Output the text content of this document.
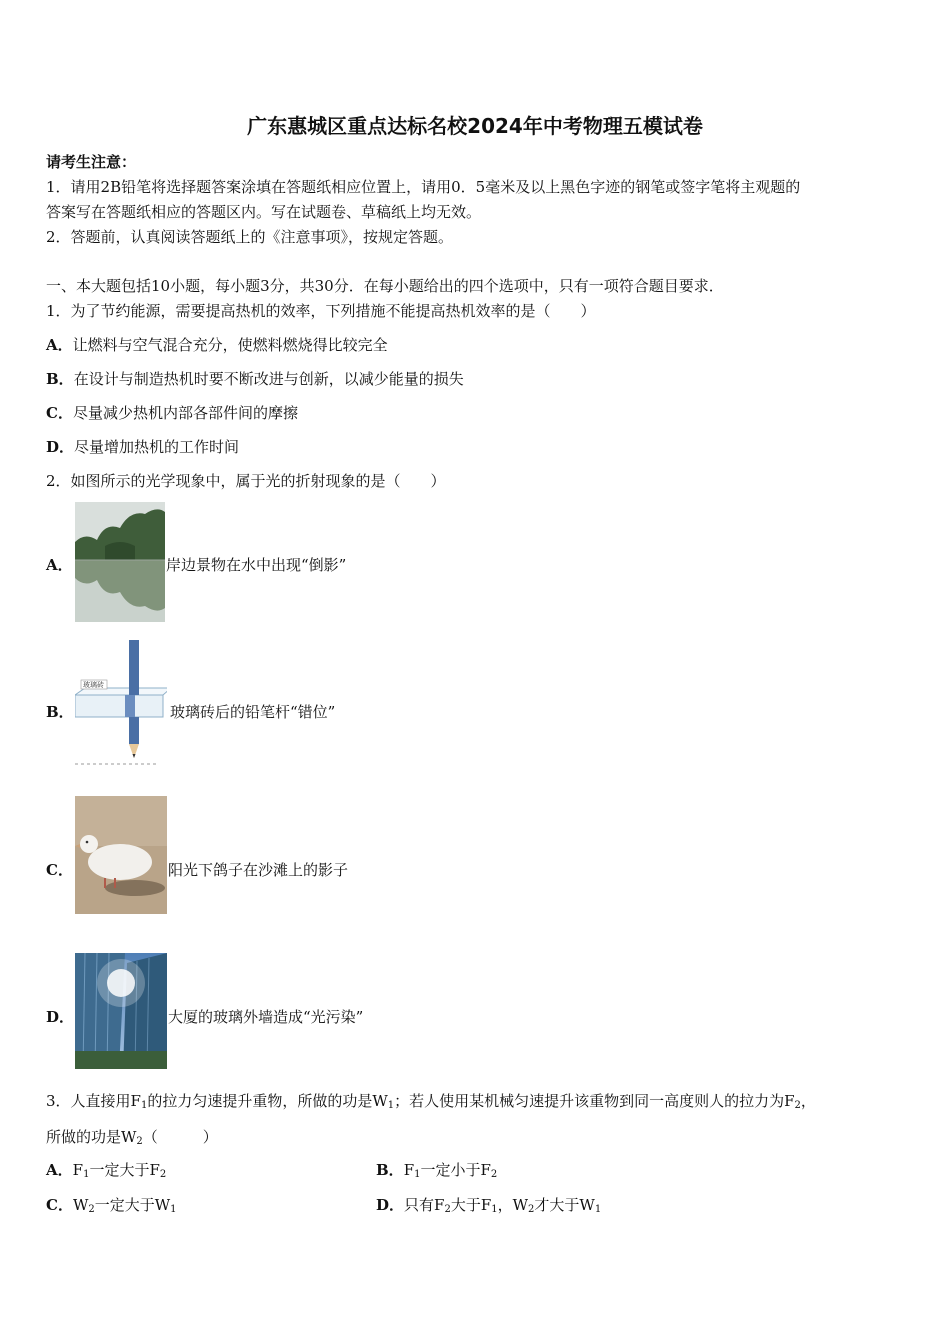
广东惠城区重点达标名校2024年中考物理五模试卷
请考生注意：
1．请用2B铅笔将选择题答案涂填在答题纸相应位置上，请用0．5毫米及以上黑色字迹的钢笔或签字笔将主观题的
答案写在答题纸相应的答题区内。写在试题卷、草稿纸上均无效。
2．答题前，认真阅读答题纸上的《注意事项》，按规定答题。
一、本大题包括10小题，每小题3分，共30分．在每小题给出的四个选项中，只有一项符合题目要求．
1．为了节约能源，需要提高热机的效率，下列措施不能提高热机效率的是（　　）
A．让燃料与空气混合充分，使燃料燃烧得比较完全
B．在设计与制造热机时要不断改进与创新，以减少能量的损失
C．尽量减少热机内部各部件间的摩擦
D．尽量增加热机的工作时间
2．如图所示的光学现象中，属于光的折射现象的是（　　）
A．	岸边景物在水中出现“倒影”
B．
玻璃砖
玻璃砖后的铅笔杆“错位”
C．	阳光下鸽子在沙滩上的影子
D．	大厦的玻璃外墙造成“光污染”
3．人直接用$F_1$的拉力匀速提升重物，所做的功是$W_1$；若人使用某机械匀速提升该重物到同一高度则人的拉力为$F_2$，
所做的功是$W_2$（　　　）
A．$F_1$一定大于$F_2$	B．$F_1$一定小于$F_2$
C．$W_2$一定大于$W_1$	D．只有$F_2$大于$F_1$，$W_2$才大于$W_1$
